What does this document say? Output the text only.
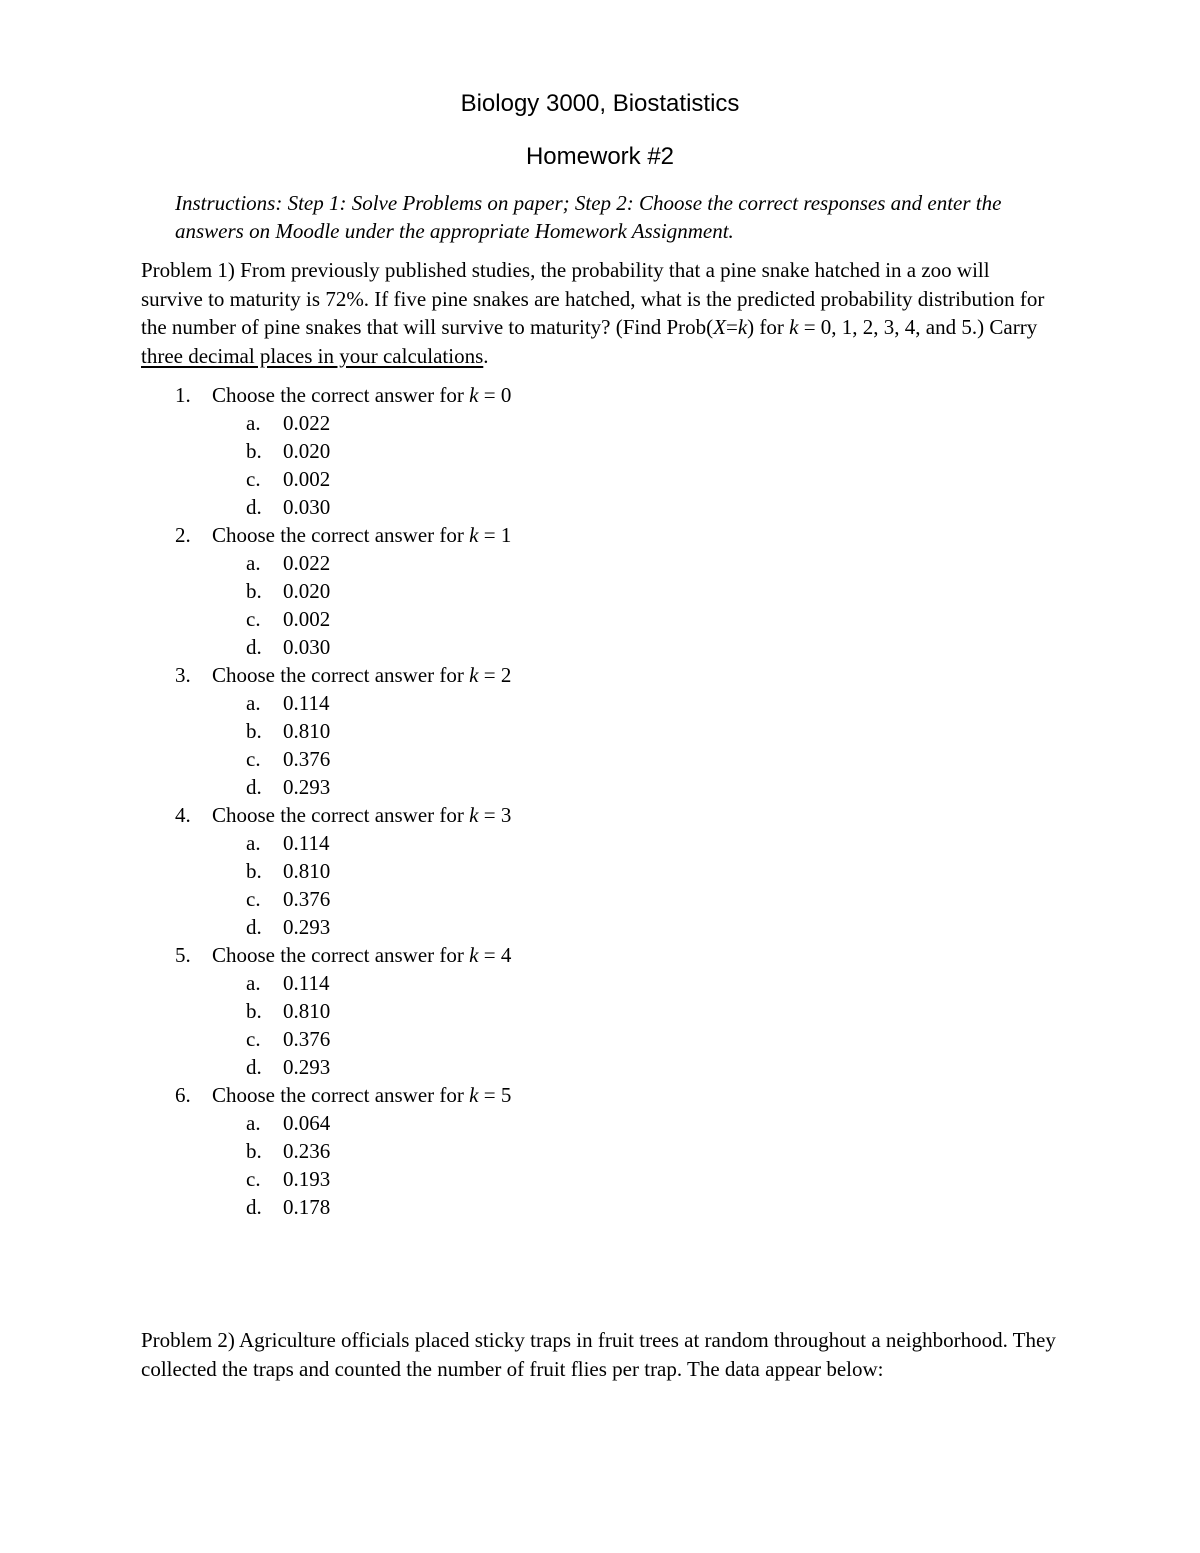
Biology 3000, Biostatistics
Homework #2
Instructions: Step 1: Solve Problems on paper; Step 2: Choose the correct responses and enter the answers on Moodle under the appropriate Homework Assignment.
Problem 1) From previously published studies, the probability that a pine snake hatched in a zoo will survive to maturity is 72%. If five pine snakes are hatched, what is the predicted probability distribution for the number of pine snakes that will survive to maturity? (Find Prob(X=k) for k = 0, 1, 2, 3, 4, and 5.) Carry three decimal places in your calculations.
1. Choose the correct answer for k = 0
a. 0.022
b. 0.020
c. 0.002
d. 0.030
2. Choose the correct answer for k = 1
a. 0.022
b. 0.020
c. 0.002
d. 0.030
3. Choose the correct answer for k = 2
a. 0.114
b. 0.810
c. 0.376
d. 0.293
4. Choose the correct answer for k = 3
a. 0.114
b. 0.810
c. 0.376
d. 0.293
5. Choose the correct answer for k = 4
a. 0.114
b. 0.810
c. 0.376
d. 0.293
6. Choose the correct answer for k = 5
a. 0.064
b. 0.236
c. 0.193
d. 0.178
Problem 2) Agriculture officials placed sticky traps in fruit trees at random throughout a neighborhood. They collected the traps and counted the number of fruit flies per trap. The data appear below:
